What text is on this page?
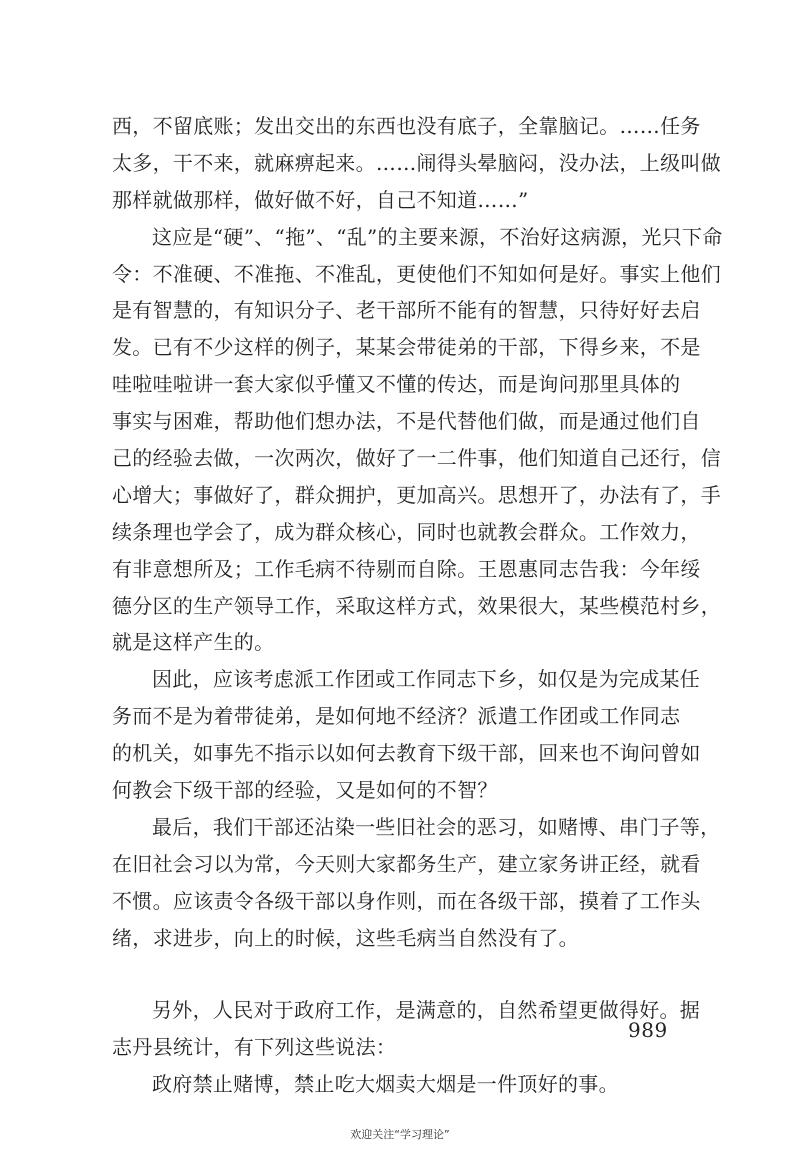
西，不留底账；发出交出的东西也没有底子，全靠脑记。……任务
太多，干不来，就麻痹起来。……闹得头晕脑闷，没办法，上级叫做
那样就做那样，做好做不好，自己不知道……”
这应是“硬”、“拖”、“乱”的主要来源，不治好这病源，光只下命
令：不准硬、不准拖、不准乱，更使他们不知如何是好。事实上他们
是有智慧的，有知识分子、老干部所不能有的智慧，只待好好去启
发。已有不少这样的例子，某某会带徒弟的干部，下得乡来，不是
哇啦哇啦讲一套大家似乎懂又不懂的传达，而是询问那里具体的
事实与困难，帮助他们想办法，不是代替他们做，而是通过他们自
己的经验去做，一次两次，做好了一二件事，他们知道自己还行，信
心增大；事做好了，群众拥护，更加高兴。思想开了，办法有了，手
续条理也学会了，成为群众核心，同时也就教会群众。工作效力，
有非意想所及；工作毛病不待剔而自除。王恩惠同志告我：今年绥
德分区的生产领导工作，采取这样方式，效果很大，某些模范村乡，
就是这样产生的。
因此，应该考虑派工作团或工作同志下乡，如仅是为完成某任
务而不是为着带徒弟，是如何地不经济？派遣工作团或工作同志
的机关，如事先不指示以如何去教育下级干部，回来也不询问曾如
何教会下级干部的经验，又是如何的不智？
最后，我们干部还沾染一些旧社会的恶习，如赌博、串门子等，
在旧社会习以为常，今天则大家都务生产，建立家务讲正经，就看
不惯。应该责令各级干部以身作则，而在各级干部，摸着了工作头
绪，求进步，向上的时候，这些毛病当自然没有了。
另外，人民对于政府工作，是满意的，自然希望更做得好。据
志丹县统计，有下列这些说法：
政府禁止赌博，禁止吃大烟卖大烟是一件顶好的事。
989
欢迎关注“学习理论”
